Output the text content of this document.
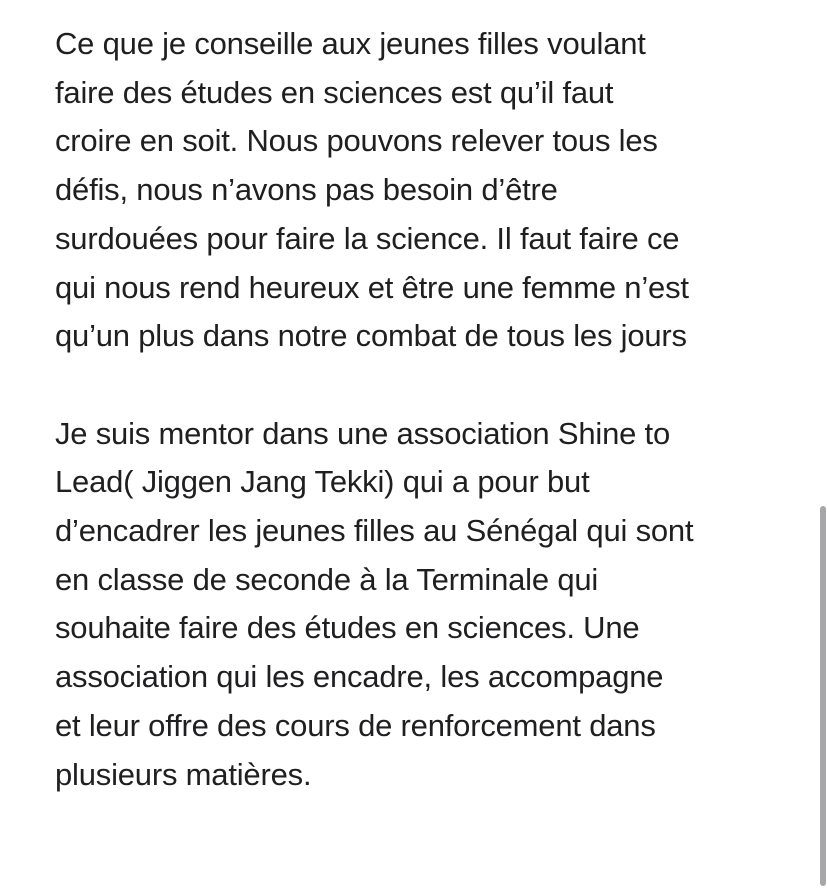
Ce que je conseille aux jeunes filles voulant
faire des études en sciences est qu’il faut
croire en soit. Nous pouvons relever tous les
défis, nous n’avons pas besoin d’être
surdouées pour faire la science. Il faut faire ce
qui nous rend heureux et être une femme n’est
qu’un plus dans notre combat de tous les jours

Je suis mentor dans une association Shine to
Lead( Jiggen Jang Tekki) qui a pour but
d’encadrer les jeunes filles au Sénégal qui sont
en classe de seconde à la Terminale qui
souhaite faire des études en sciences. Une
association qui les encadre, les accompagne
et leur offre des cours de renforcement dans
plusieurs matières.
